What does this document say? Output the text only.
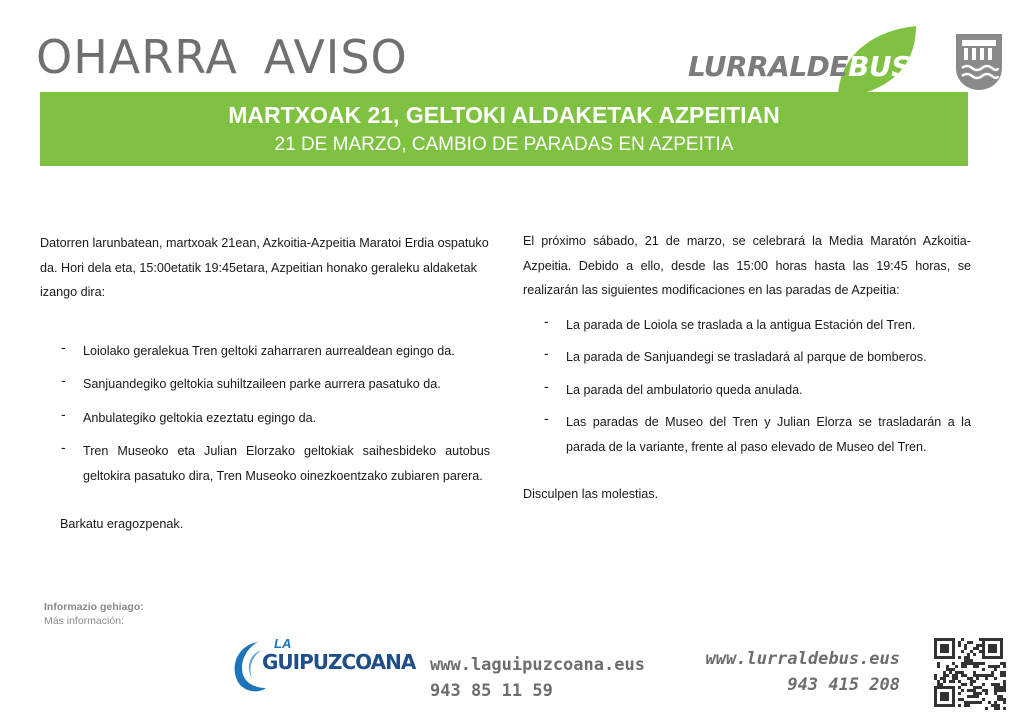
OHARRA AVISO	LURRALDEBUS
MARTXOAK 21, GELTOKI ALDAKETAK AZPEITIAN
21 DE MARZO, CAMBIO DE PARADAS EN AZPEITIA

Datorren larunbatean, martxoak 21ean, Azkoitia-Azpeitia Maratoi Erdia ospatuko da. Hori dela eta, 15:00etatik 19:45etara, Azpeitian honako geraleku aldaketak izango dira:

- Loiolako geralekua Tren geltoki zaharraren aurrealdean egingo da.
- Sanjuandegiko geltokia suhiltzaileen parke aurrera pasatuko da.
- Anbulategiko geltokia ezeztatu egingo da.
- Tren Museoko eta Julian Elorzako geltokiak saihesbideko autobus geltokira pasatuko dira, Tren Museoko oinezkoentzako zubiaren parera.

Barkatu eragozpenak.

El próximo sábado, 21 de marzo, se celebrará la Media Maratón Azkoitia-Azpeitia. Debido a ello, desde las 15:00 horas hasta las 19:45 horas, se realizarán las siguientes modificaciones en las paradas de Azpeitia:

- La parada de Loiola se traslada a la antigua Estación del Tren.
- La parada de Sanjuandegi se trasladará al parque de bomberos.
- La parada del ambulatorio queda anulada.
- Las paradas de Museo del Tren y Julian Elorza se trasladarán a la parada de la variante, frente al paso elevado de Museo del Tren.

Disculpen las molestias.

Informazio gehiago:
Más información:
LA
GUIPUZCOANA www.laguipuzcoana.eus
943 85 11 59
www.lurraldebus.eus
943 415 208
